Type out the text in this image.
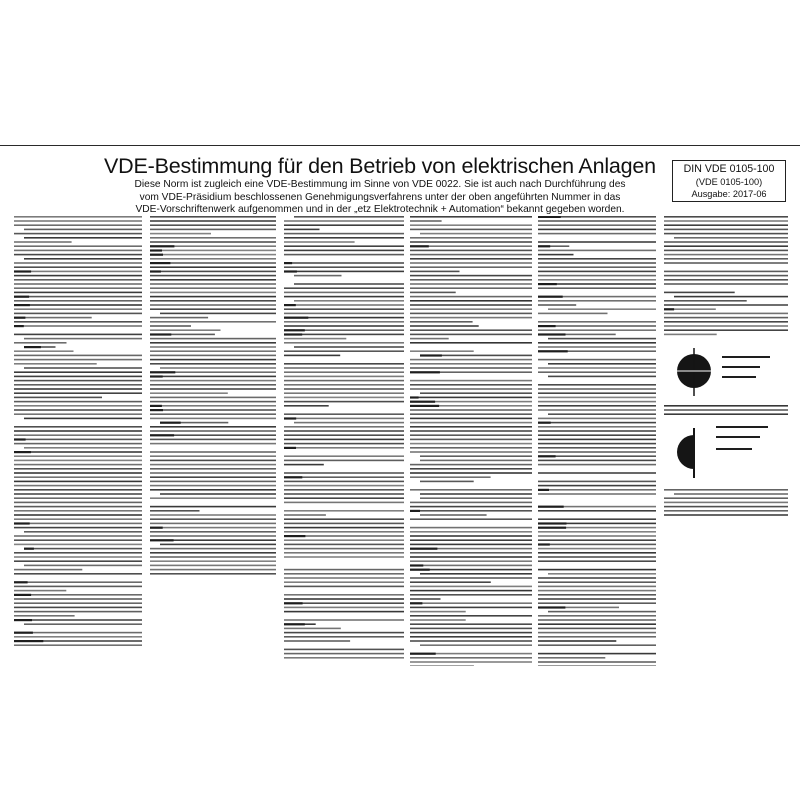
VDE-Bestimmung für den Betrieb von elektrischen Anlagen
Diese Norm ist zugleich eine VDE-Bestimmung im Sinne von VDE 0022. Sie ist auch nach Durchführung des
vom VDE-Präsidium beschlossenen Genehmigungsverfahrens unter der oben angeführten Nummer in das
VDE-Vorschriftenwerk aufgenommen und in der „etz Elektrotechnik + Automation“ bekannt gegeben worden.
DIN VDE 0105-100
(VDE 0105-100)
Ausgabe: 2017-06
